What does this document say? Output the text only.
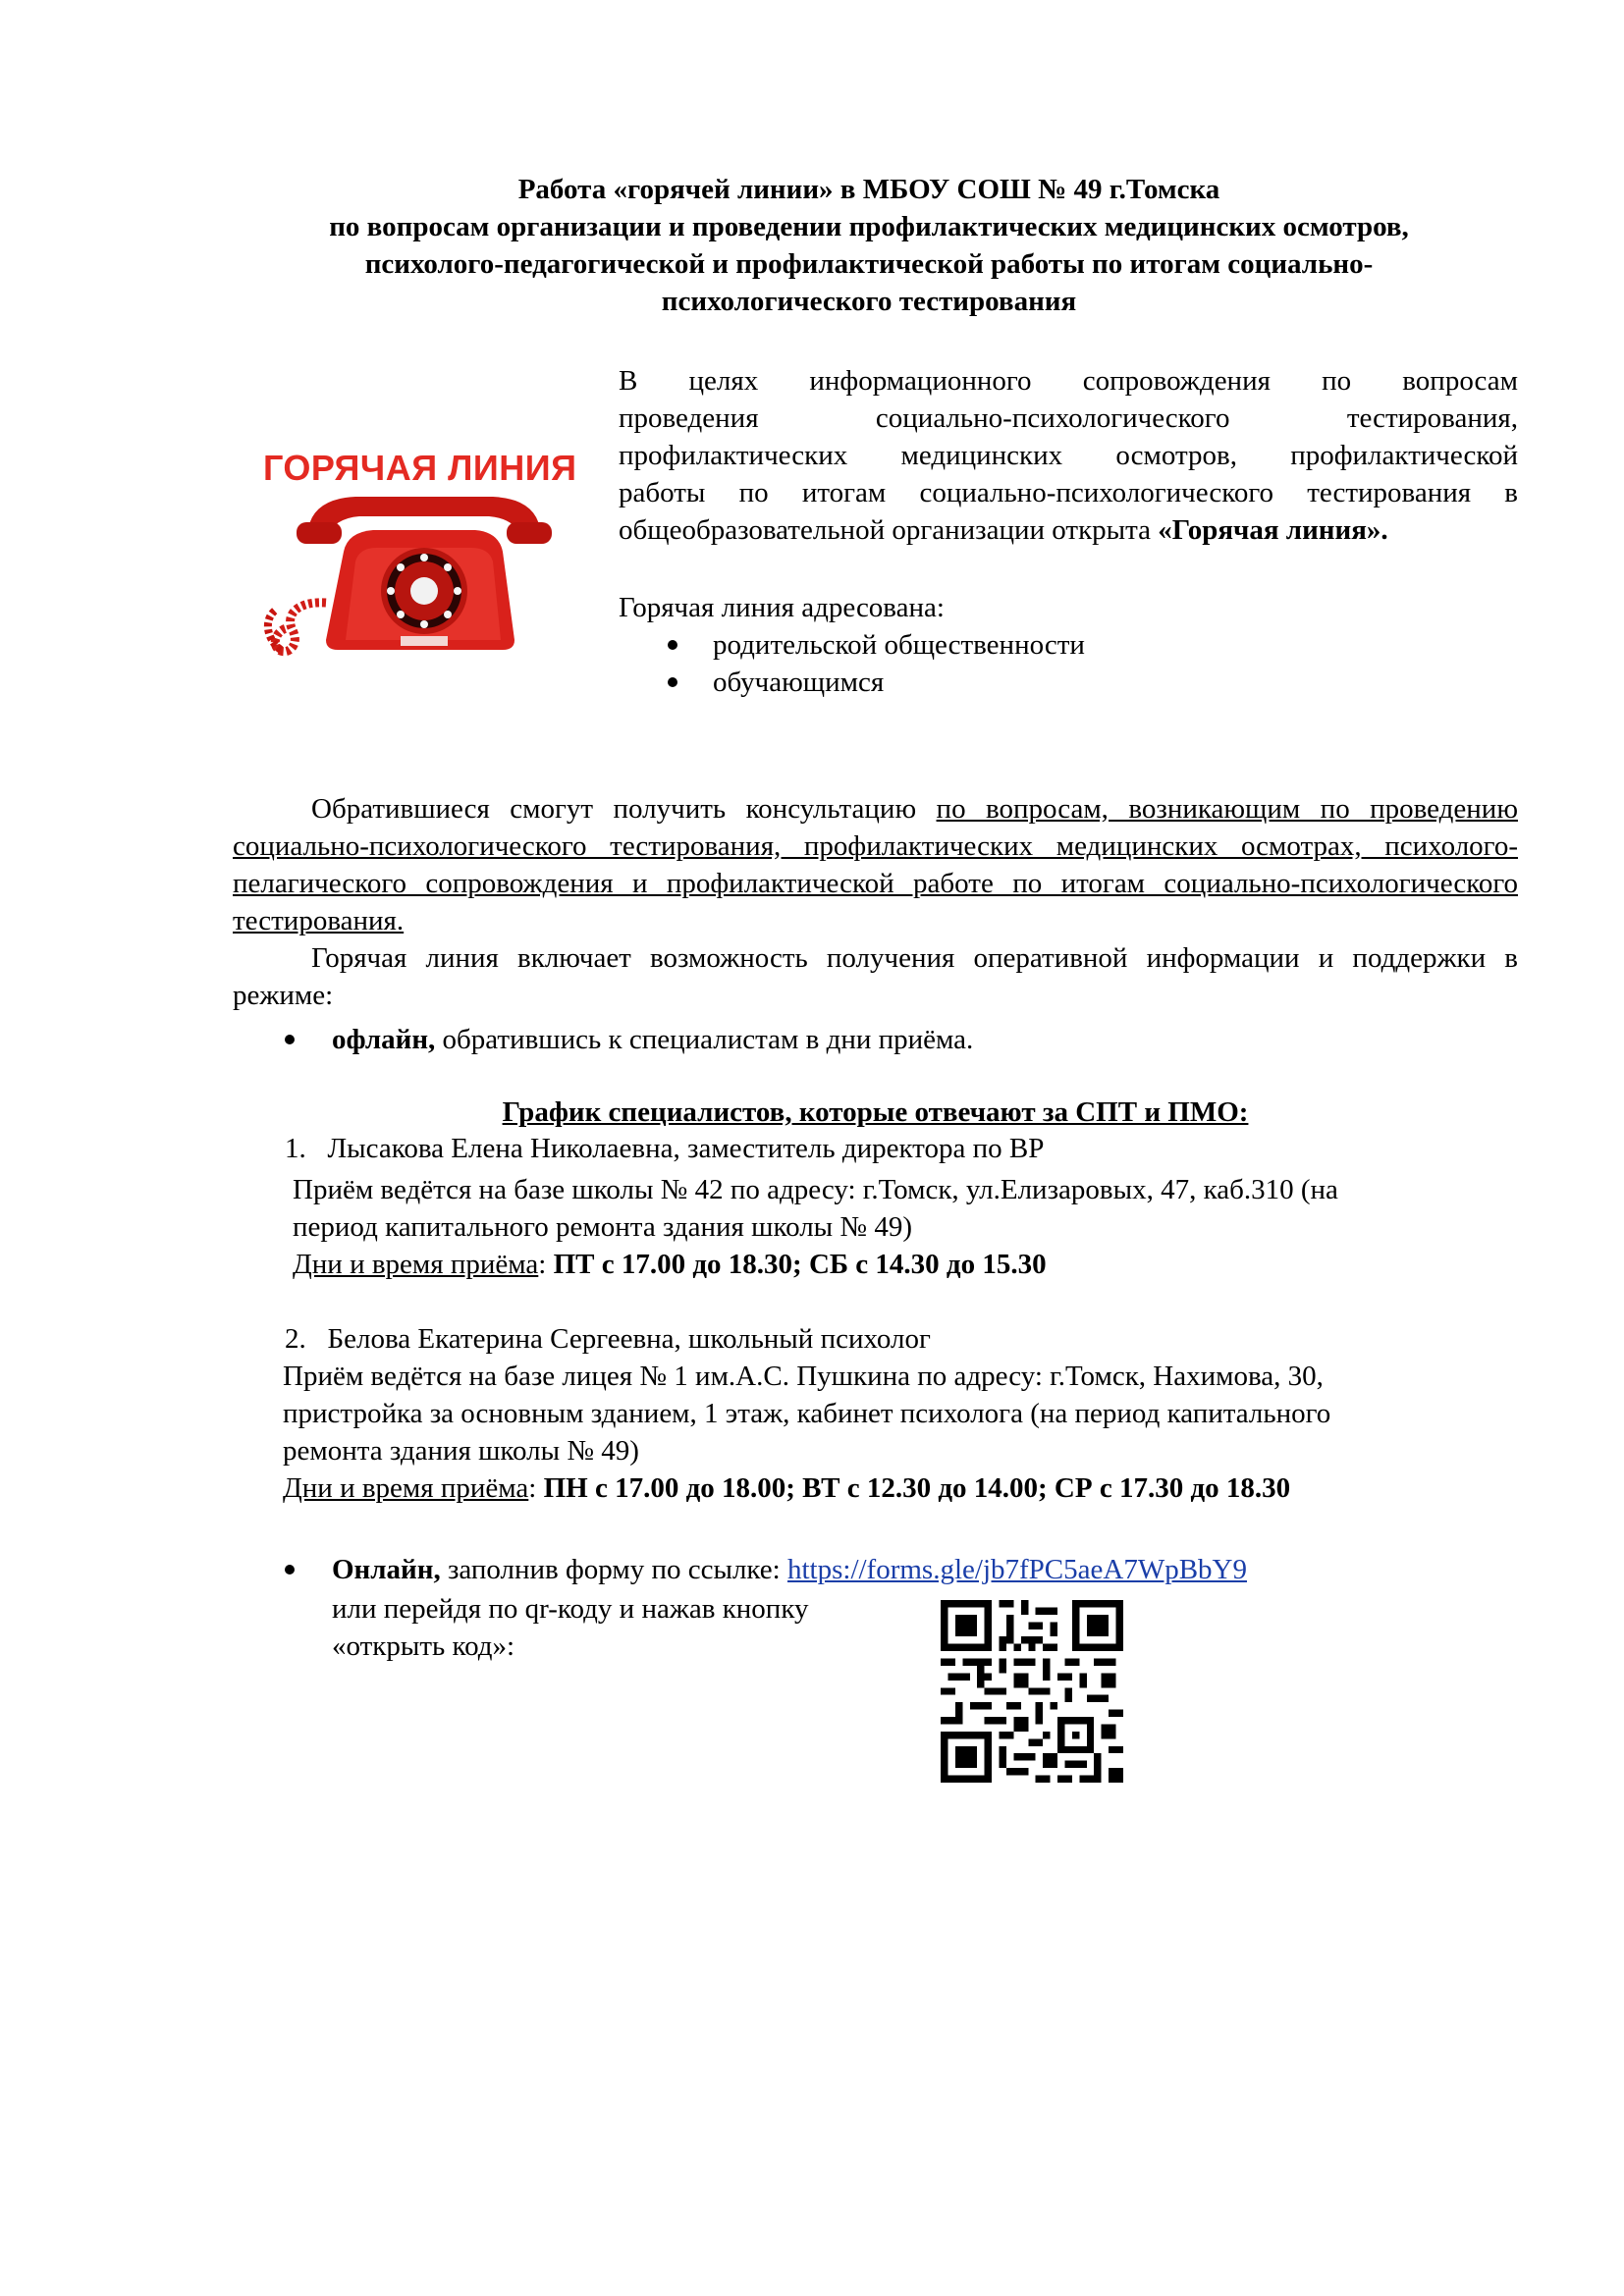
Работа «горячей линии» в МБОУ СОШ № 49 г.Томска
по вопросам организации и проведении профилактических медицинских осмотров,
психолого-педагогической и профилактической работы по итогам социально-
психологического тестирования
ГОРЯЧАЯ ЛИНИЯ

В целях информационного сопровождения по вопросам

проведения социально-психологического тестирования,

профилактических медицинских осмотров, профилактической

работы по итогам социально-психологического тестирования в

общеобразовательной организации открыта «Горячая линия».

Горячая линия адресована:
родительской общественности
обучающимся

Обратившиеся смогут получить консультацию по вопросам, возникающим по проведению социально-психологического тестирования, профилактических медицинских осмотрах, психолого-пелагического сопровождения и профилактической работе по итогам социально-психологического тестирования.

Горячая линия включает возможность получения оперативной информации и поддержки в режиме:

офлайн, обратившись к специалистам в дни приёма.
График специалистов, которые отвечают за СПТ и ПМО:
1. Лысакова Елена Николаевна, заместитель директора по ВР
Приём ведётся на базе школы № 42 по адресу: г.Томск, ул.Елизаровых, 47, каб.310 (на
период капитального ремонта здания школы № 49)
Дни и время приёма: ПТ с 17.00 до 18.30; СБ с 14.30 до 15.30
2. Белова Екатерина Сергеевна, школьный психолог
Приём ведётся на базе лицея № 1 им.А.С. Пушкина по адресу: г.Томск, Нахимова, 30,
пристройка за основным зданием, 1 этаж, кабинет психолога (на период капитального
ремонта здания школы № 49)
Дни и время приёма: ПН с 17.00 до 18.00; ВТ с 12.30 до 14.00; СР с 17.30 до 18.30
Онлайн, заполнив форму по ссылке: https://forms.gle/jb7fPC5aeA7WpBbY9
или перейдя по qr-коду и нажав кнопку
«открыть код»:
